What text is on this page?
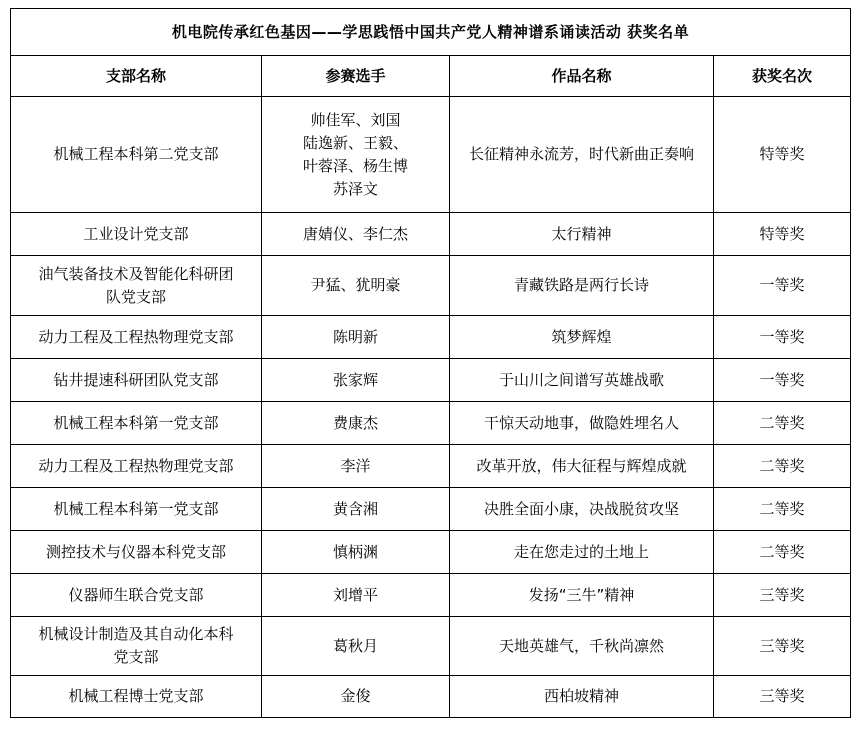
机电院传承红色基因——学思践悟中国共产党人精神谱系诵读活动 获奖名单			
支部名称	参赛选手	作品名称	获奖名次
机械工程本科第二党支部	帅佳军、刘国
陆逸新、王毅、
叶蓉泽、杨生博
苏泽文	长征精神永流芳，时代新曲正奏响	特等奖
工业设计党支部	唐婧仪、李仁杰	太行精神	特等奖

油气装备技术及智能化科研团
队党支部	尹猛、犹明豪	青藏铁路是两行长诗	一等奖
动力工程及工程热物理党支部	陈明新	筑梦辉煌	一等奖
钻井提速科研团队党支部	张家辉	于山川之间谱写英雄战歌	一等奖
机械工程本科第一党支部	费康杰	干惊天动地事，做隐姓埋名人	二等奖
动力工程及工程热物理党支部	李洋	改革开放，伟大征程与辉煌成就	二等奖
机械工程本科第一党支部	黄含湘	决胜全面小康，决战脱贫攻坚	二等奖
测控技术与仪器本科党支部	慎柄渊	走在您走过的土地上	二等奖
仪器师生联合党支部	刘增平	发扬“三牛”精神	三等奖

机械设计制造及其自动化本科
党支部	葛秋月	天地英雄气，千秋尚凛然	三等奖
机械工程博士党支部	金俊	西柏坡精神	三等奖
